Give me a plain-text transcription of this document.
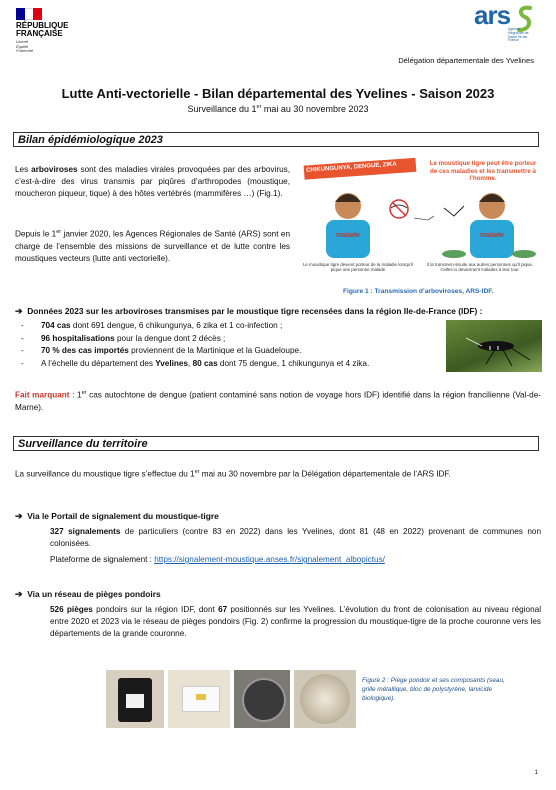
RÉPUBLIQUE
FRANÇAISE
Liberté
Égalité
Fraternité
ars
Agence Régionale de Santé Ile-de-France
Délégation départementale des Yvelines
Lutte Anti-vectorielle - Bilan départemental des Yvelines - Saison 2023
Surveillance du 1er mai au 30 novembre 2023
Bilan épidémiologique 2023
Les arboviroses sont des maladies virales provoquées par des arbovirus, c’est-à-dire des virus transmis par piqûres d’arthropodes (moustique, moucheron piqueur, tique) à des hôtes vertébrés (mammifères …) (Fig.1).
Depuis le 1er janvier 2020, les Agences Régionales de Santé (ARS) sont en charge de l’ensemble des missions de surveillance et de lutte contre les moustiques vecteurs (lutte anti vectorielle).
CHIKUNGUNYA, DENGUE, ZIKA	Le moustique tigre peut être porteur de ces maladies et les transmettre à l’homme.
malade	malade
Le moustique tigre devient porteur de la maladie lorsqu’il pique une personne malade
Il la transmet ensuite aux autres personnes qu’il pique. Celles-ci deviennent malades à leur tour.
Figure 1 : Transmission d’arboviroses, ARS-IDF.
➔ Données 2023 sur les arboviroses transmises par le moustique tigre recensées dans la région Ile-de-France (IDF) :
- 704 cas dont 691 dengue, 6 chikungunya, 6 zika et 1 co-infection ;
- 96 hospitalisations pour la dengue dont 2 décès ;
- 70 % des cas importés proviennent de la Martinique et la Guadeloupe.
- A l’échelle du département des Yvelines, 80 cas dont 75 dengue, 1 chikungunya et 4 zika.
Fait marquant : 1er cas autochtone de dengue (patient contaminé sans notion de voyage hors IDF) identifié dans la région francilienne (Val-de-Marne).
Surveillance du territoire
La surveillance du moustique tigre s’effectue du 1er mai au 30 novembre par la Délégation départementale de l’ARS IDF.
➔ Via le Portail de signalement du moustique-tigre
327 signalements de particuliers (contre 83 en 2022) dans les Yvelines, dont 81 (48 en 2022) provenant de communes non colonisées.
Plateforme de signalement : https://signalement-moustique.anses.fr/signalement_albopictus/
➔ Via un réseau de pièges pondoirs
526 pièges pondoirs sur la région IDF, dont 67 positionnés sur les Yvelines. L’évolution du front de colonisation au niveau régional entre 2020 et 2023 via le réseau de pièges pondoirs (Fig. 2) confirme la progression du moustique-tigre de la proche couronne vers les départements de la grande couronne.
Figure 2 : Piège pondoir et ses composants (seau, grille métallique, bloc de polystyrène, larvicide biologique).
1
